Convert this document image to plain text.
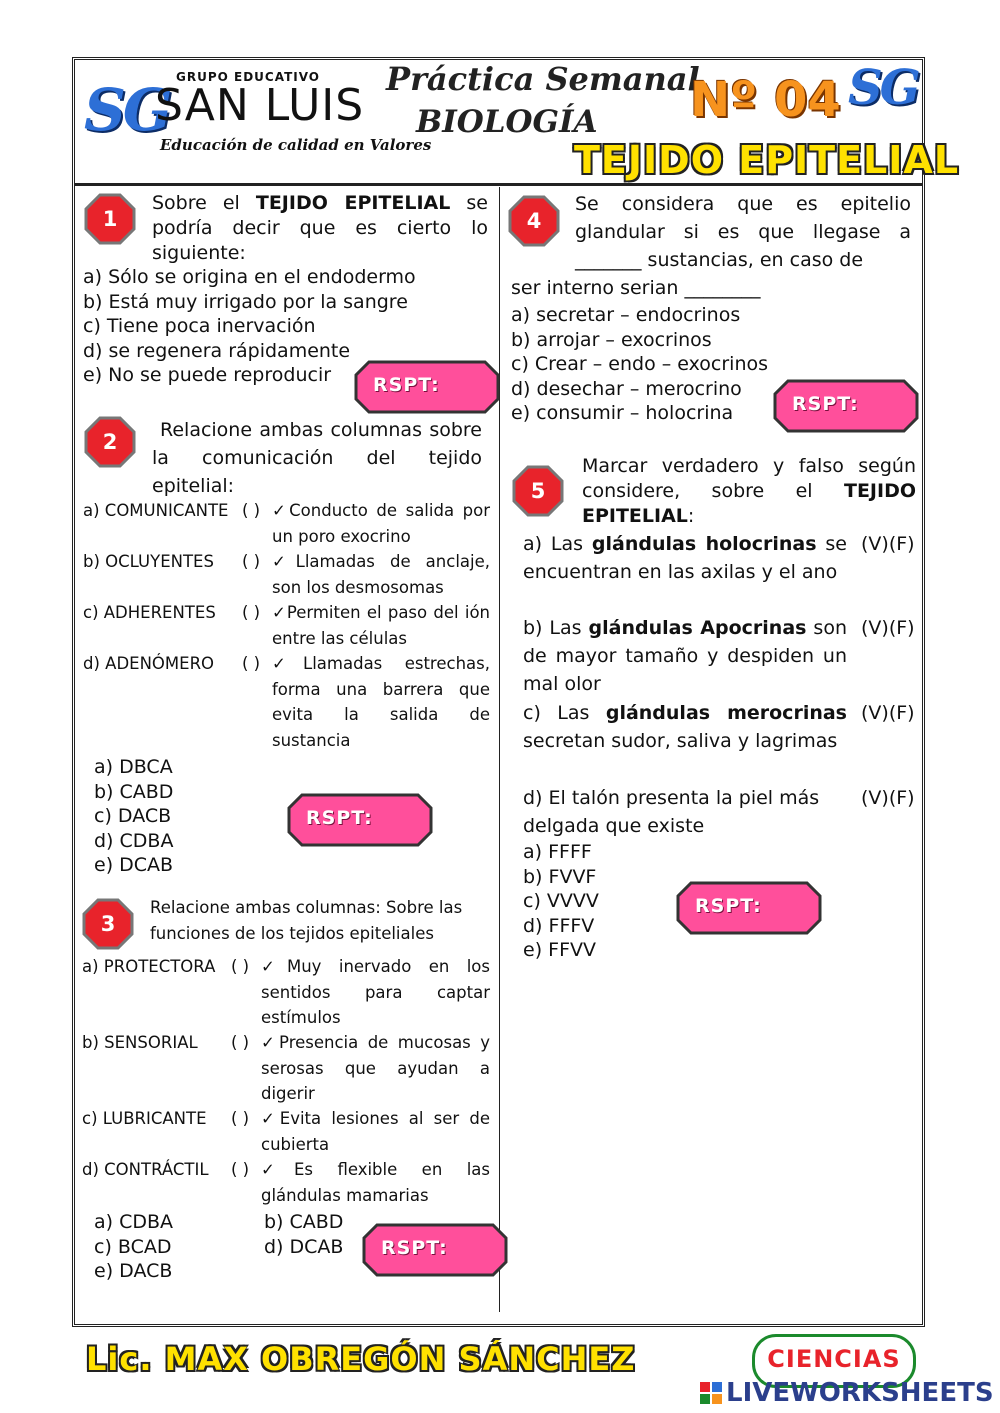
SG GRUPO EDUCATIVO
SAN LUIS
Educación de calidad en Valores
Práctica Semanal
BIOLOGÍA Nº 04 SG
TEJIDO EPITELIAL
1
Sobre el TEJIDO EPITELIAL se podría decir que es cierto lo siguiente:
a) Sólo se origina en el endodermo
b) Está muy irrigado por la sangre
c) Tiene poca inervación
d) se regenera rápidamente
e) No se puede reproducir	RSPT:
2	Relacione ambas columnas sobre la comunicación del tejido epitelial:
a) COMUNICANTE ( ) ✓Conducto de salida por un poro exocrino
b) OCLUYENTES ( ) ✓Llamadas de anclaje, son los desmosomas
c) ADHERENTES ( ) ✓Permiten el paso del ión entre las células
d) ADENÓMERO ( ) ✓Llamadas estrechas, forma una barrera que evita la salida de sustancia
a) DBCA
b) CABD
c) DACB
d) CDBA
e) DCAB
RSPT:
3
Relacione ambas columnas: Sobre las funciones de los tejidos epiteliales
a) PROTECTORA ( ) ✓Muy inervado en los sentidos para captar estímulos
b) SENSORIAL ( ) ✓Presencia de mucosas y serosas que ayudan a digerir
c) LUBRICANTE ( ) ✓Evita lesiones al ser de cubierta
d) CONTRÁCTIL ( ) ✓Es flexible en las glándulas mamarias
a) CDBA
c) BCAD
e) DACB
b) CABD
d) DCAB RSPT:
4
Se considera que es epitelio glandular si es que llegase a _______ sustancias, en caso de
ser interno serian ________
a) secretar – endocrinos
b) arrojar – exocrinos
c) Crear – endo – exocrinos
d) desechar – merocrino
e) consumir – holocrina	RSPT:
5
Marcar verdadero y falso según considere, sobre el TEJIDO EPITELIAL:
a) Las glándulas holocrinas se encuentran en las axilas y el ano
(V)(F)
b) Las glándulas Apocrinas son de mayor tamaño y despiden un mal olor
(V)(F)
c) Las glándulas merocrinas secretan sudor, saliva y lagrimas
(V)(F)
d) El talón presenta la piel más delgada que existe
(V)(F)
a) FFFF
b) FVVF
c) VVVV
d) FFFV
e) FFVV
RSPT:
Lic. MAX OBREGÓN SÁNCHEZ	CIENCIAS
LIVEWORKSHEETS
